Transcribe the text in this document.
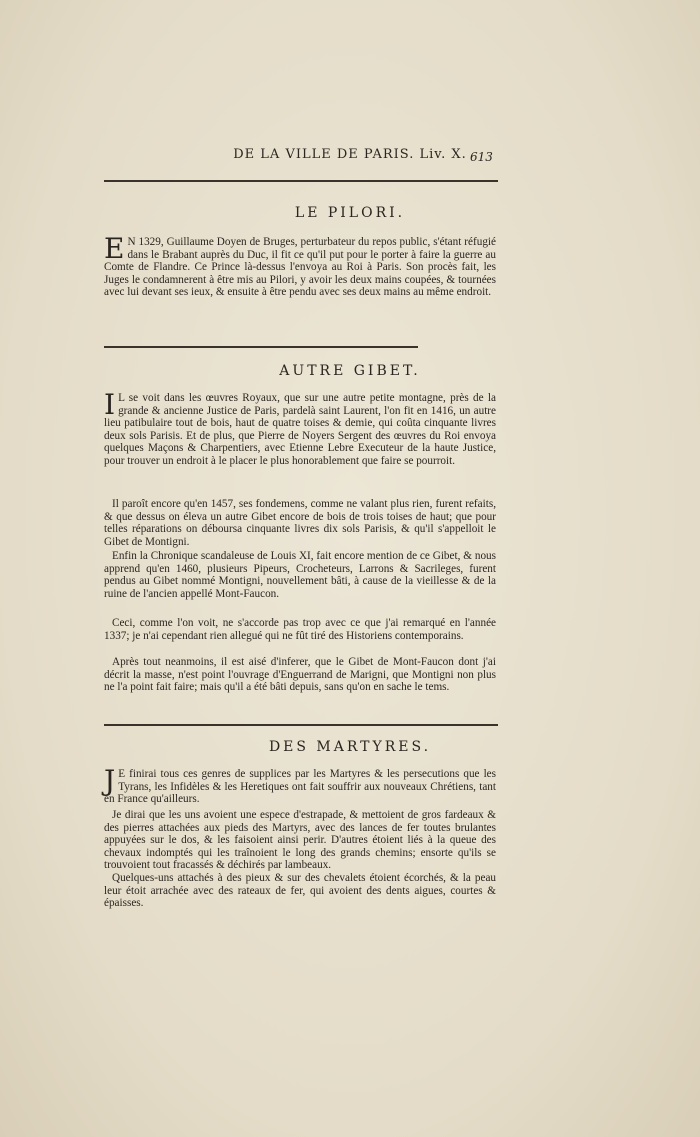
DE LA VILLE DE PARIS. Liv. X. 613
LE PILORI.

E N 1329, Guillaume Doyen de Bruges, perturbateur du repos public, s'étant réfugié dans le Brabant auprès du Duc, il fit ce qu'il put pour le porter à faire la guerre au Comte de Flandre. Ce Prince là-dessus l'envoya au Roi à Paris. Son procès fait, les Juges le condamnerent à être mis au Pilori, y avoir les deux mains coupées, & tournées avec lui devant ses ieux, & ensuite à être pendu avec ses deux mains au même endroit.

AUTRE GIBET.

I L se voit dans les œuvres Royaux, que sur une autre petite montagne, près de la grande & ancienne Justice de Paris, pardelà saint Laurent, l'on fit en 1416, un autre lieu patibulaire tout de bois, haut de quatre toises & demie, qui coûta cinquante livres deux sols Parisis. Et de plus, que Pierre de Noyers Sergent des œuvres du Roi envoya quelques Maçons & Charpentiers, avec Etienne Lebre Executeur de la haute Justice, pour trouver un endroit à le placer le plus honorablement que faire se pourroit.

Il paroît encore qu'en 1457, ses fondemens, comme ne valant plus rien, furent refaits, & que dessus on éleva un autre Gibet encore de bois de trois toises de haut; que pour telles réparations on déboursa cinquante livres dix sols Parisis, & qu'il s'appelloit le Gibet de Montigni.

Enfin la Chronique scandaleuse de Louis XI, fait encore mention de ce Gibet, & nous apprend qu'en 1460, plusieurs Pipeurs, Crocheteurs, Larrons & Sacrileges, furent pendus au Gibet nommé Montigni, nouvellement bâti, à cause de la vieillesse & de la ruine de l'ancien appellé Mont-Faucon.

Ceci, comme l'on voit, ne s'accorde pas trop avec ce que j'ai remarqué en l'année 1337; je n'ai cependant rien allegué qui ne fût tiré des Historiens contemporains.

Après tout neanmoins, il est aisé d'inferer, que le Gibet de Mont-Faucon dont j'ai décrit la masse, n'est point l'ouvrage d'Enguerrand de Marigni, que Montigni non plus ne l'a point fait faire; mais qu'il a été bâti depuis, sans qu'on en sache le tems.

DES MARTYRES.

J E finirai tous ces genres de supplices par les Martyres & les persecutions que les Tyrans, les Infidèles & les Heretiques ont fait souffrir aux nouveaux Chrétiens, tant en France qu'ailleurs.

Je dirai que les uns avoient une espece d'estrapade, & mettoient de gros fardeaux & des pierres attachées aux pieds des Martyrs, avec des lances de fer toutes brulantes appuyées sur le dos, & les faisoient ainsi perir. D'autres étoient liés à la queue des chevaux indomptés qui les traînoient le long des grands chemins; ensorte qu'ils se trouvoient tout fracassés & déchirés par lambeaux.

Quelques-uns attachés à des pieux & sur des chevalets étoient écorchés, & la peau leur étoit arrachée avec des rateaux de fer, qui avoient des dents aigues, courtes & épaisses.
